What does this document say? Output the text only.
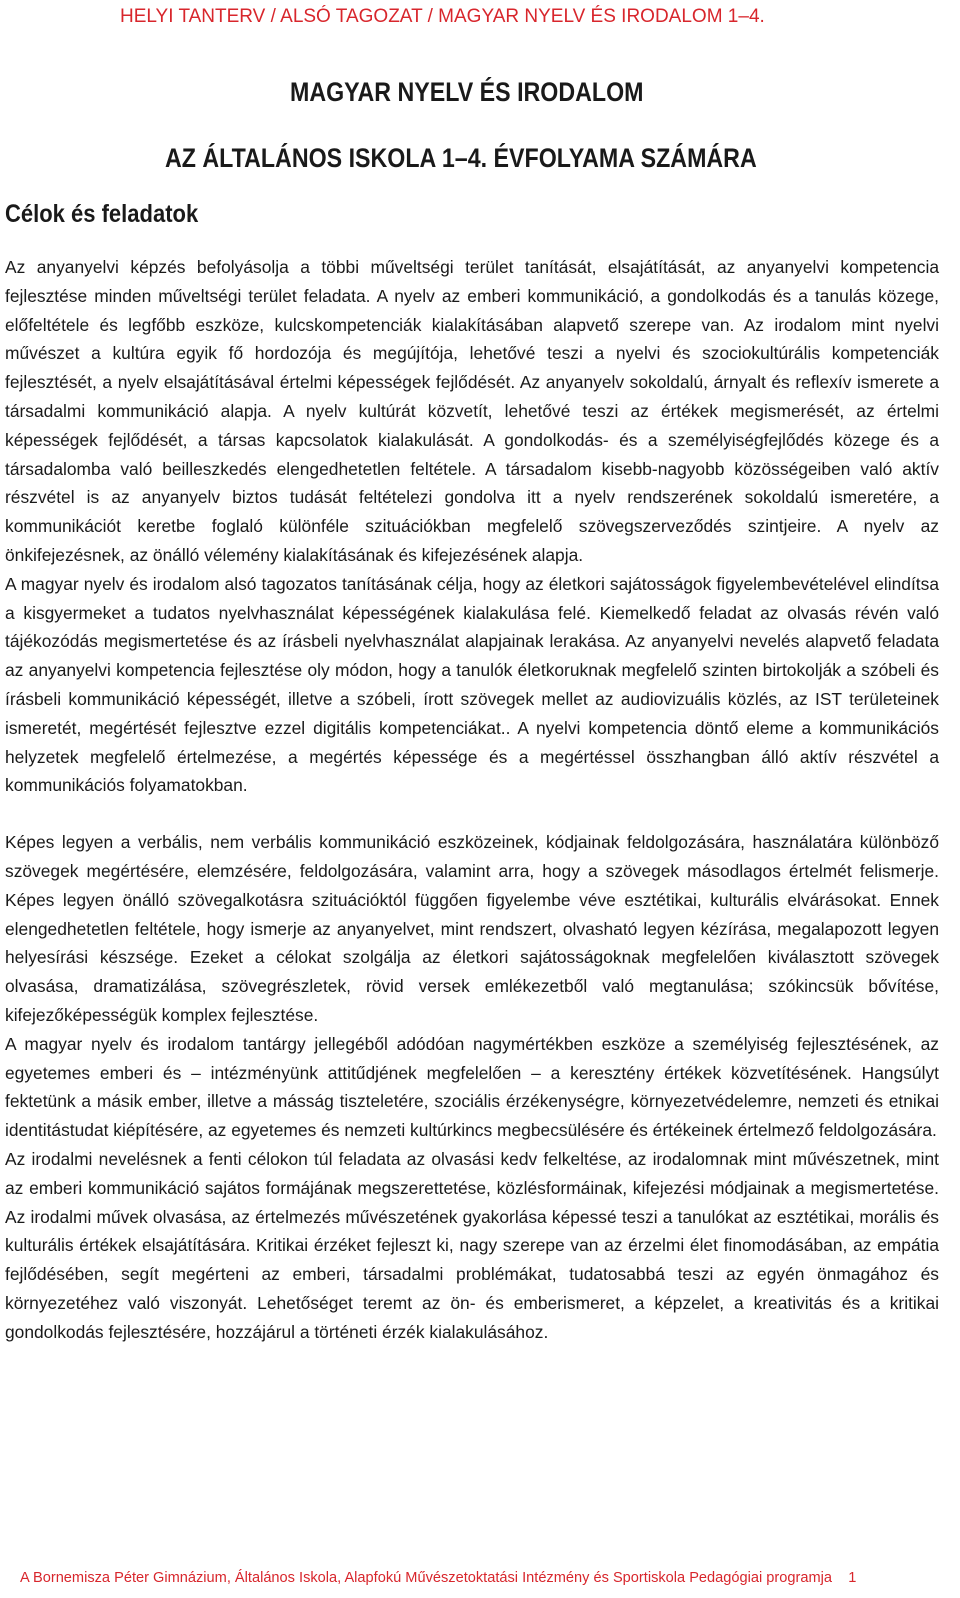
HELYI TANTERV / ALSÓ TAGOZAT / MAGYAR NYELV ÉS IRODALOM 1–4.
MAGYAR NYELV ÉS IRODALOM
AZ ÁLTALÁNOS ISKOLA 1–4. ÉVFOLYAMA SZÁMÁRA
Célok és feladatok

Az anyanyelvi képzés befolyásolja a többi műveltségi terület tanítását, elsajátítását, az anyanyelvi kompetencia fejlesztése minden műveltségi terület feladata. A nyelv az emberi kommunikáció, a gondolkodás és a tanulás közege, előfeltétele és legfőbb eszköze, kulcskompetenciák kialakításában alapvető szerepe van. Az irodalom mint nyelvi művészet a kultúra egyik fő hordozója és megújítója, lehetővé teszi a nyelvi és szociokultúrális kompetenciák fejlesztését, a nyelv elsajátításával értelmi képességek fejlődését. Az anyanyelv sokoldalú, árnyalt és reflexív ismerete a társadalmi kommunikáció alapja. A nyelv kultúrát közvetít, lehetővé teszi az értékek megismerését, az értelmi képességek fejlődését, a társas kapcsolatok kialakulását. A gondolkodás- és a személyiségfejlődés közege és a társadalomba való beilleszkedés elengedhetetlen feltétele. A társadalom kisebb-nagyobb közösségeiben való aktív részvétel is az anyanyelv biztos tudását feltételezi gondolva itt a nyelv rendszerének sokoldalú ismeretére, a kommunikációt keretbe foglaló különféle szituációkban megfelelő szövegszerveződés szintjeire. A nyelv az önkifejezésnek, az önálló vélemény kialakításának és kifejezésének alapja.

A magyar nyelv és irodalom alsó tagozatos tanításának célja, hogy az életkori sajátosságok figyelembevételével elindítsa a kisgyermeket a tudatos nyelvhasználat képességének kialakulása felé. Kiemelkedő feladat az olvasás révén való tájékozódás megismertetése és az írásbeli nyelvhasználat alapjainak lerakása. Az anyanyelvi nevelés alapvető feladata az anyanyelvi kompetencia fejlesztése oly módon, hogy a tanulók életkoruknak megfelelő szinten birtokolják a szóbeli és írásbeli kommunikáció képességét, illetve a szóbeli, írott szövegek mellet az audiovizuális közlés, az IST területeinek ismeretét, megértését fejlesztve ezzel digitális kompetenciákat.. A nyelvi kompetencia döntő eleme a kommunikációs helyzetek megfelelő értelmezése, a megértés képessége és a megértéssel összhangban álló aktív részvétel a kommunikációs folyamatokban.

Képes legyen a verbális, nem verbális kommunikáció eszközeinek, kódjainak feldolgozására, használatára különböző szövegek megértésére, elemzésére, feldolgozására, valamint arra, hogy a szövegek másodlagos értelmét felismerje. Képes legyen önálló szövegalkotásra szituációktól függően figyelembe véve esztétikai, kulturális elvárásokat. Ennek elengedhetetlen feltétele, hogy ismerje az anyanyelvet, mint rendszert, olvasható legyen kézírása, megalapozott legyen helyesírási készsége. Ezeket a célokat szolgálja az életkori sajátosságoknak megfelelően kiválasztott szövegek olvasása, dramatizálása, szövegrészletek, rövid versek emlékezetből való megtanulása; szókincsük bővítése, kifejezőképességük komplex fejlesztése.

A magyar nyelv és irodalom tantárgy jellegéből adódóan nagymértékben eszköze a személyiség fejlesztésének, az egyetemes emberi és – intézményünk attitűdjének megfelelően – a keresztény értékek közvetítésének. Hangsúlyt fektetünk a másik ember, illetve a másság tiszteletére, szociális érzékenységre, környezetvédelemre, nemzeti és etnikai identitástudat kiépítésére, az egyetemes és nemzeti kultúrkincs megbecsülésére és értékeinek értelmező feldolgozására.

Az irodalmi nevelésnek a fenti célokon túl feladata az olvasási kedv felkeltése, az irodalomnak mint művészetnek, mint az emberi kommunikáció sajátos formájának megszerettetése, közlésformáinak, kifejezési módjainak a megismertetése. Az irodalmi művek olvasása, az értelmezés művészetének gyakorlása képessé teszi a tanulókat az esztétikai, morális és kulturális értékek elsajátítására. Kritikai érzéket fejleszt ki, nagy szerepe van az érzelmi élet finomodásában, az empátia fejlődésében, segít megérteni az emberi, társadalmi problémákat, tudatosabbá teszi az egyén önmagához és környezetéhez való viszonyát. Lehetőséget teremt az ön- és emberismeret, a képzelet, a kreativitás és a kritikai gondolkodás fejlesztésére, hozzájárul a történeti érzék kialakulásához.

A Bornemisza Péter Gimnázium, Általános Iskola, Alapfokú Művészetoktatási Intézmény és Sportiskola Pedagógiai programja 1
